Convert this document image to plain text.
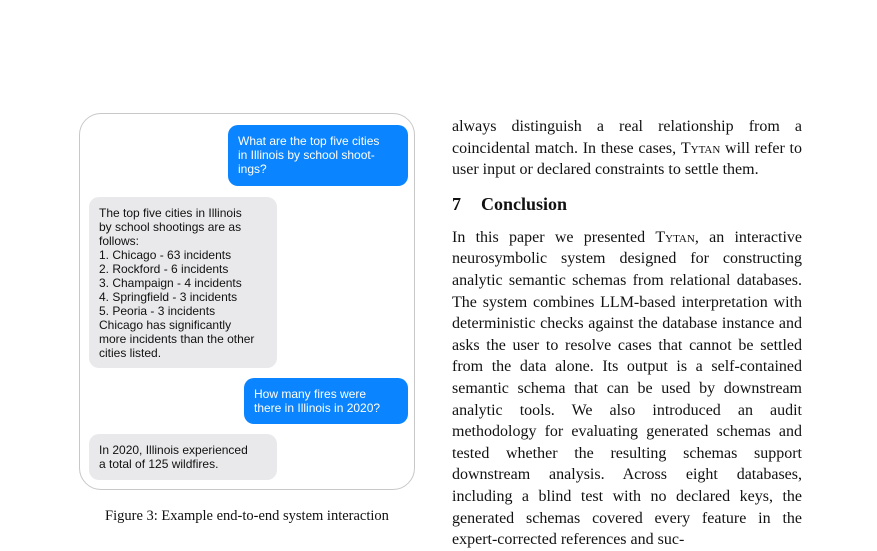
What are the top five cities
in Illinois by school shoot-
ings?
The top five cities in Illinois
by school shootings are as
follows:
1. Chicago - 63 incidents
2. Rockford - 6 incidents
3. Champaign - 4 incidents
4. Springfield - 3 incidents
5. Peoria - 3 incidents
Chicago has significantly
more incidents than the other
cities listed.
How many fires were
there in Illinois in 2020?
In 2020, Illinois experienced
a total of 125 wildfires.
Figure 3: Example end-to-end system interaction

always distinguish a real relationship from a coincidental match. In these cases, Tytan will refer to user input or declared constraints to settle them.

7 Conclusion

In this paper we presented Tytan, an interactive neurosymbolic system designed for constructing analytic semantic schemas from relational databases. The system combines LLM-based interpretation with deterministic checks against the database instance and asks the user to resolve cases that cannot be settled from the data alone. Its output is a self-contained semantic schema that can be used by downstream analytic tools. We also introduced an audit methodology for evaluating generated schemas and tested whether the resulting schemas support downstream analysis. Across eight databases, including a blind test with no declared keys, the generated schemas covered every feature in the expert-corrected references and suc-
